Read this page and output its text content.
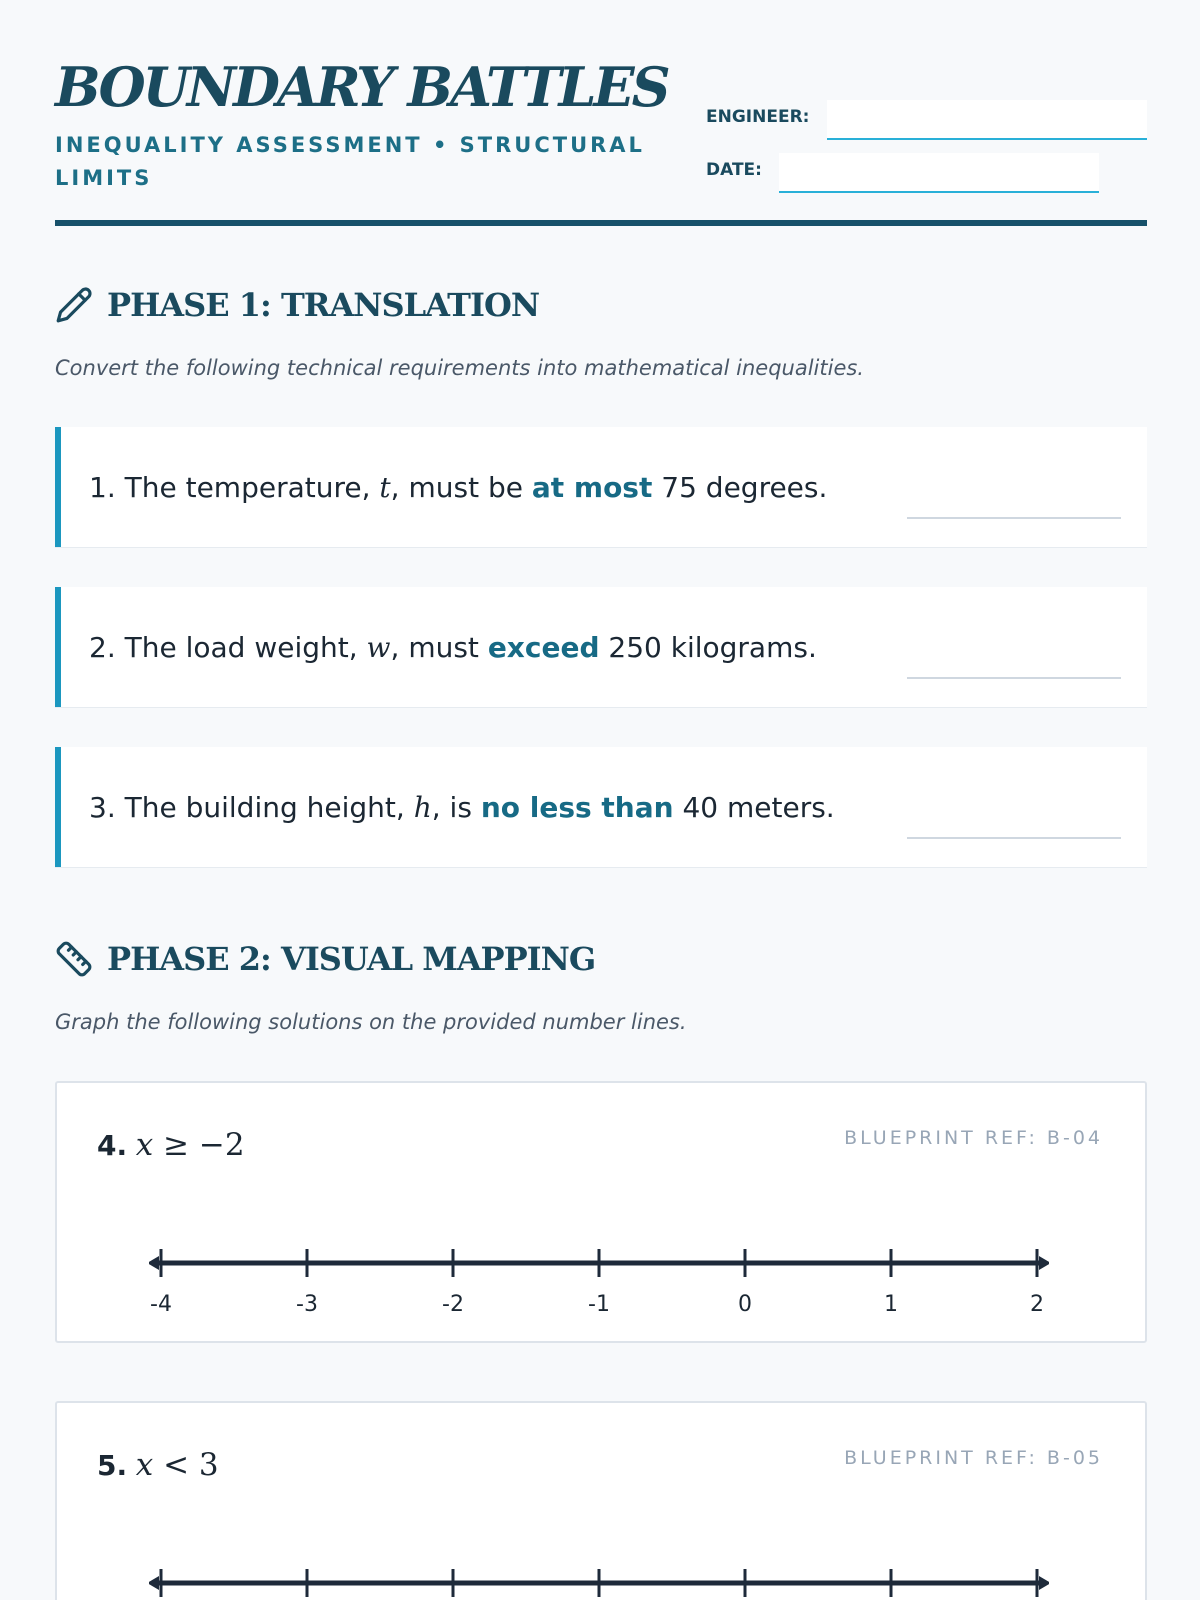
BOUNDARY BATTLES
INEQUALITY ASSESSMENT • STRUCTURAL LIMITS
ENGINEER:
DATE:
PHASE 1: TRANSLATION
Convert the following technical requirements into mathematical inequalities.
1. The temperature, t , must be at most 75 degrees.
2. The load weight, w , must exceed 250 kilograms.
3. The building height, h , is no less than 40 meters.
PHASE 2: VISUAL MAPPING
Graph the following solutions on the provided number lines.
4. x ≥ −2	BLUEPRINT REF: B-04
-4	-3	-2	-1	0	1	2
5. x < 3	BLUEPRINT REF: B-05
